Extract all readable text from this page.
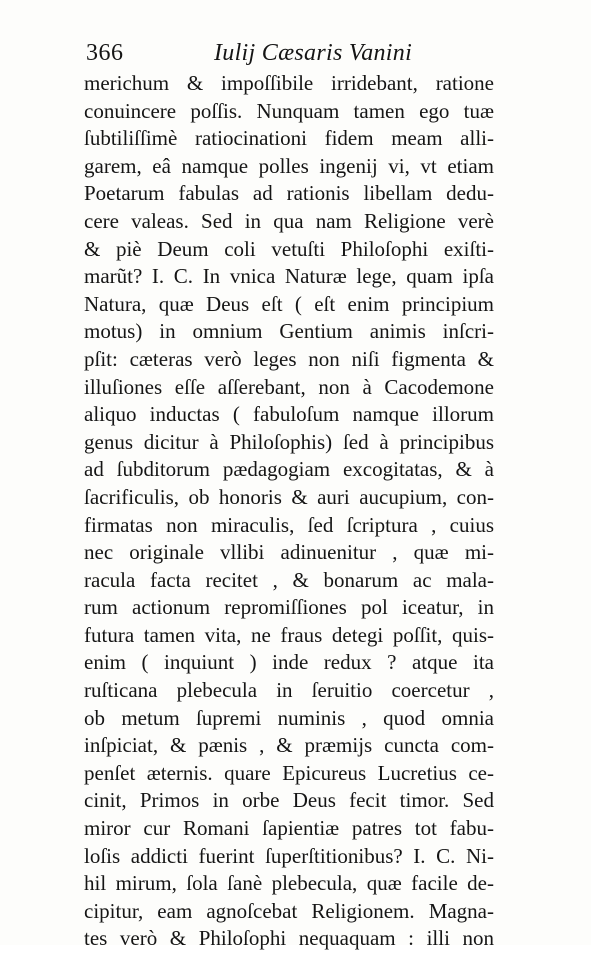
366	Iulij Cæsaris Vanini
merichum & impoſſibile irridebant, ratione
conuincere poſſis. Nunquam tamen ego tuæ
ſubtiliſſimè ratiocinationi fidem meam alli-
garem, eâ namque polles ingenij vi, vt etiam
Poetarum fabulas ad rationis libellam dedu-
cere valeas. Sed in qua nam Religione verè
& piè Deum coli vetuſti Philoſophi exiſti-
marũt? I. C. In vnica Naturæ lege, quam ipſa
Natura, quæ Deus eſt ( eſt enim principium
motus) in omnium Gentium animis inſcri-
pſit: cæteras verò leges non niſi figmenta &
illuſiones eſſe aſſerebant, non à Cacodemone
aliquo inductas ( fabuloſum namque illorum
genus dicitur à Philoſophis) ſed à principibus
ad ſubditorum pædagogiam excogitatas, & à
ſacrificulis, ob honoris & auri aucupium, con-
firmatas non miraculis, ſed ſcriptura , cuius
nec originale vllibi adinuenitur , quæ mi-
racula facta recitet , & bonarum ac mala-
rum actionum repromiſſiones pol iceatur, in
futura tamen vita, ne fraus detegi poſſit, quis-
enim ( inquiunt ) inde redux ? atque ita
ruſticana plebecula in ſeruitio coercetur ,
ob metum ſupremi numinis , quod omnia
inſpiciat, & pænis , & præmijs cuncta com-
penſet æternis. quare Epicureus Lucretius ce-
cinit, Primos in orbe Deus fecit timor. Sed
miror cur Romani ſapientiæ patres tot fabu-
loſis addicti fuerint ſuperſtitionibus? I. C. Ni-
hil mirum, ſola ſanè plebecula, quæ facile de-
cipitur, eam agnoſcebat Religionem. Magna-
tes verò & Philoſophi nequaquam : illi non
